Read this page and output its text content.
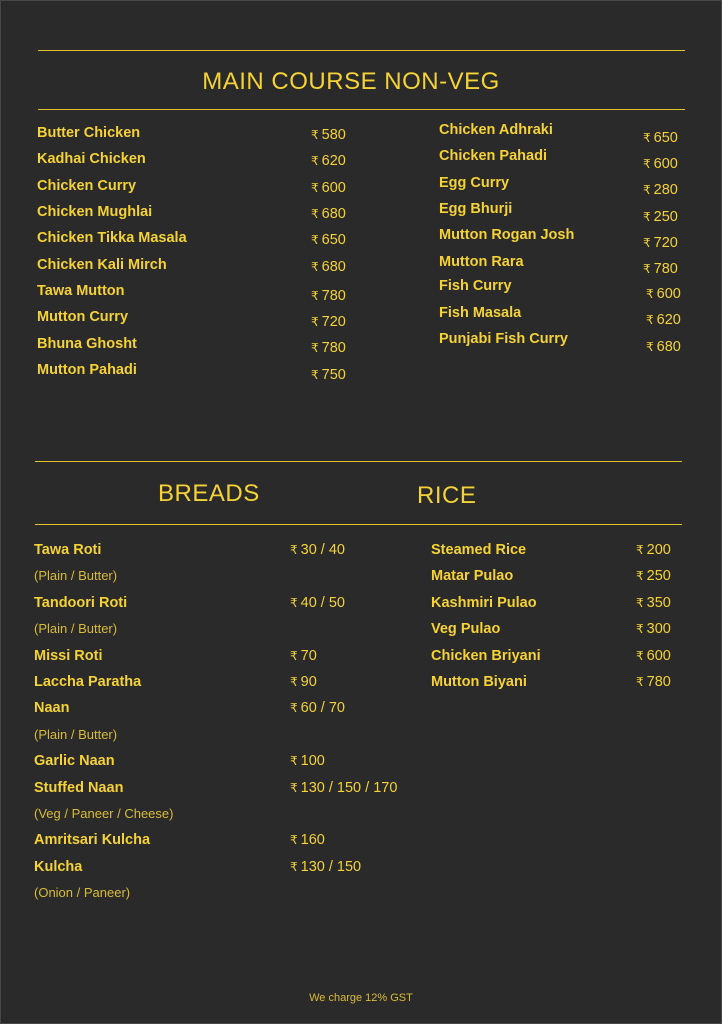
MAIN COURSE NON-VEG
Butter Chicken	₹ 580
Kadhai Chicken	₹ 620
Chicken Curry	₹ 600
Chicken Mughlai	₹ 680
Chicken Tikka Masala	₹ 650
Chicken Kali Mirch	₹ 680
Tawa Mutton	₹ 780
Mutton Curry	₹ 720
Bhuna Ghosht	₹ 780
Mutton Pahadi	₹ 750
Chicken Adhraki	₹ 650
Chicken Pahadi	₹ 600
Egg Curry	₹ 280
Egg Bhurji	₹ 250
Mutton Rogan Josh	₹ 720
Mutton Rara	₹ 780
Fish Curry	₹ 600
Fish Masala	₹ 620
Punjabi Fish Curry	₹ 680
BREADS	RICE
Tawa Roti	₹ 30 / 40
(Plain / Butter)
Tandoori Roti	₹ 40 / 50
(Plain / Butter)
Missi Roti	₹ 70
Laccha Paratha	₹ 90
Naan	₹ 60 / 70
(Plain / Butter)
Garlic Naan	₹ 100
Stuffed Naan	₹ 130 / 150 / 170
(Veg / Paneer / Cheese)
Amritsari Kulcha	₹ 160
Kulcha	₹ 130 / 150
(Onion / Paneer)
Steamed Rice	₹ 200
Matar Pulao	₹ 250
Kashmiri Pulao	₹ 350
Veg Pulao	₹ 300
Chicken Briyani	₹ 600
Mutton Biyani	₹ 780
We charge 12% GST
